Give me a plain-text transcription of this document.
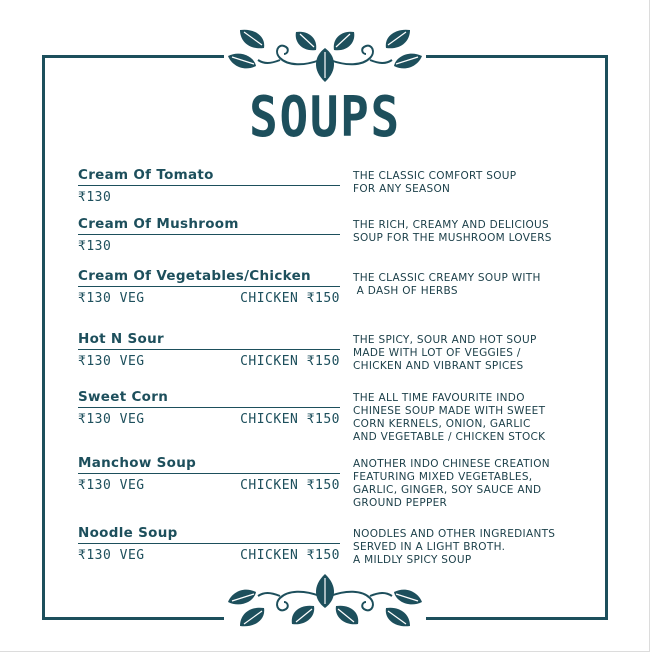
SOUPS
Cream Of Tomato
₹130
THE CLASSIC COMFORT SOUP
FOR ANY SEASON
Cream Of Mushroom
₹130
THE RICH, CREAMY AND DELICIOUS
SOUP FOR THE MUSHROOM LOVERS
Cream Of Vegetables/Chicken
₹130 VEG	CHICKEN ₹150
THE CLASSIC CREAMY SOUP WITH
A DASH OF HERBS
Hot N Sour
₹130 VEG	CHICKEN ₹150
THE SPICY, SOUR AND HOT SOUP
MADE WITH LOT OF VEGGIES /
CHICKEN AND VIBRANT SPICES
Sweet Corn
₹130 VEG	CHICKEN ₹150
THE ALL TIME FAVOURITE INDO
CHINESE SOUP MADE WITH SWEET
CORN KERNELS, ONION, GARLIC
AND VEGETABLE / CHICKEN STOCK
Manchow Soup
₹130 VEG	CHICKEN ₹150
ANOTHER INDO CHINESE CREATION
FEATURING MIXED VEGETABLES,
GARLIC, GINGER, SOY SAUCE AND
GROUND PEPPER
Noodle Soup
₹130 VEG	CHICKEN ₹150
NOODLES AND OTHER INGREDIANTS
SERVED IN A LIGHT BROTH.
A MILDLY SPICY SOUP
